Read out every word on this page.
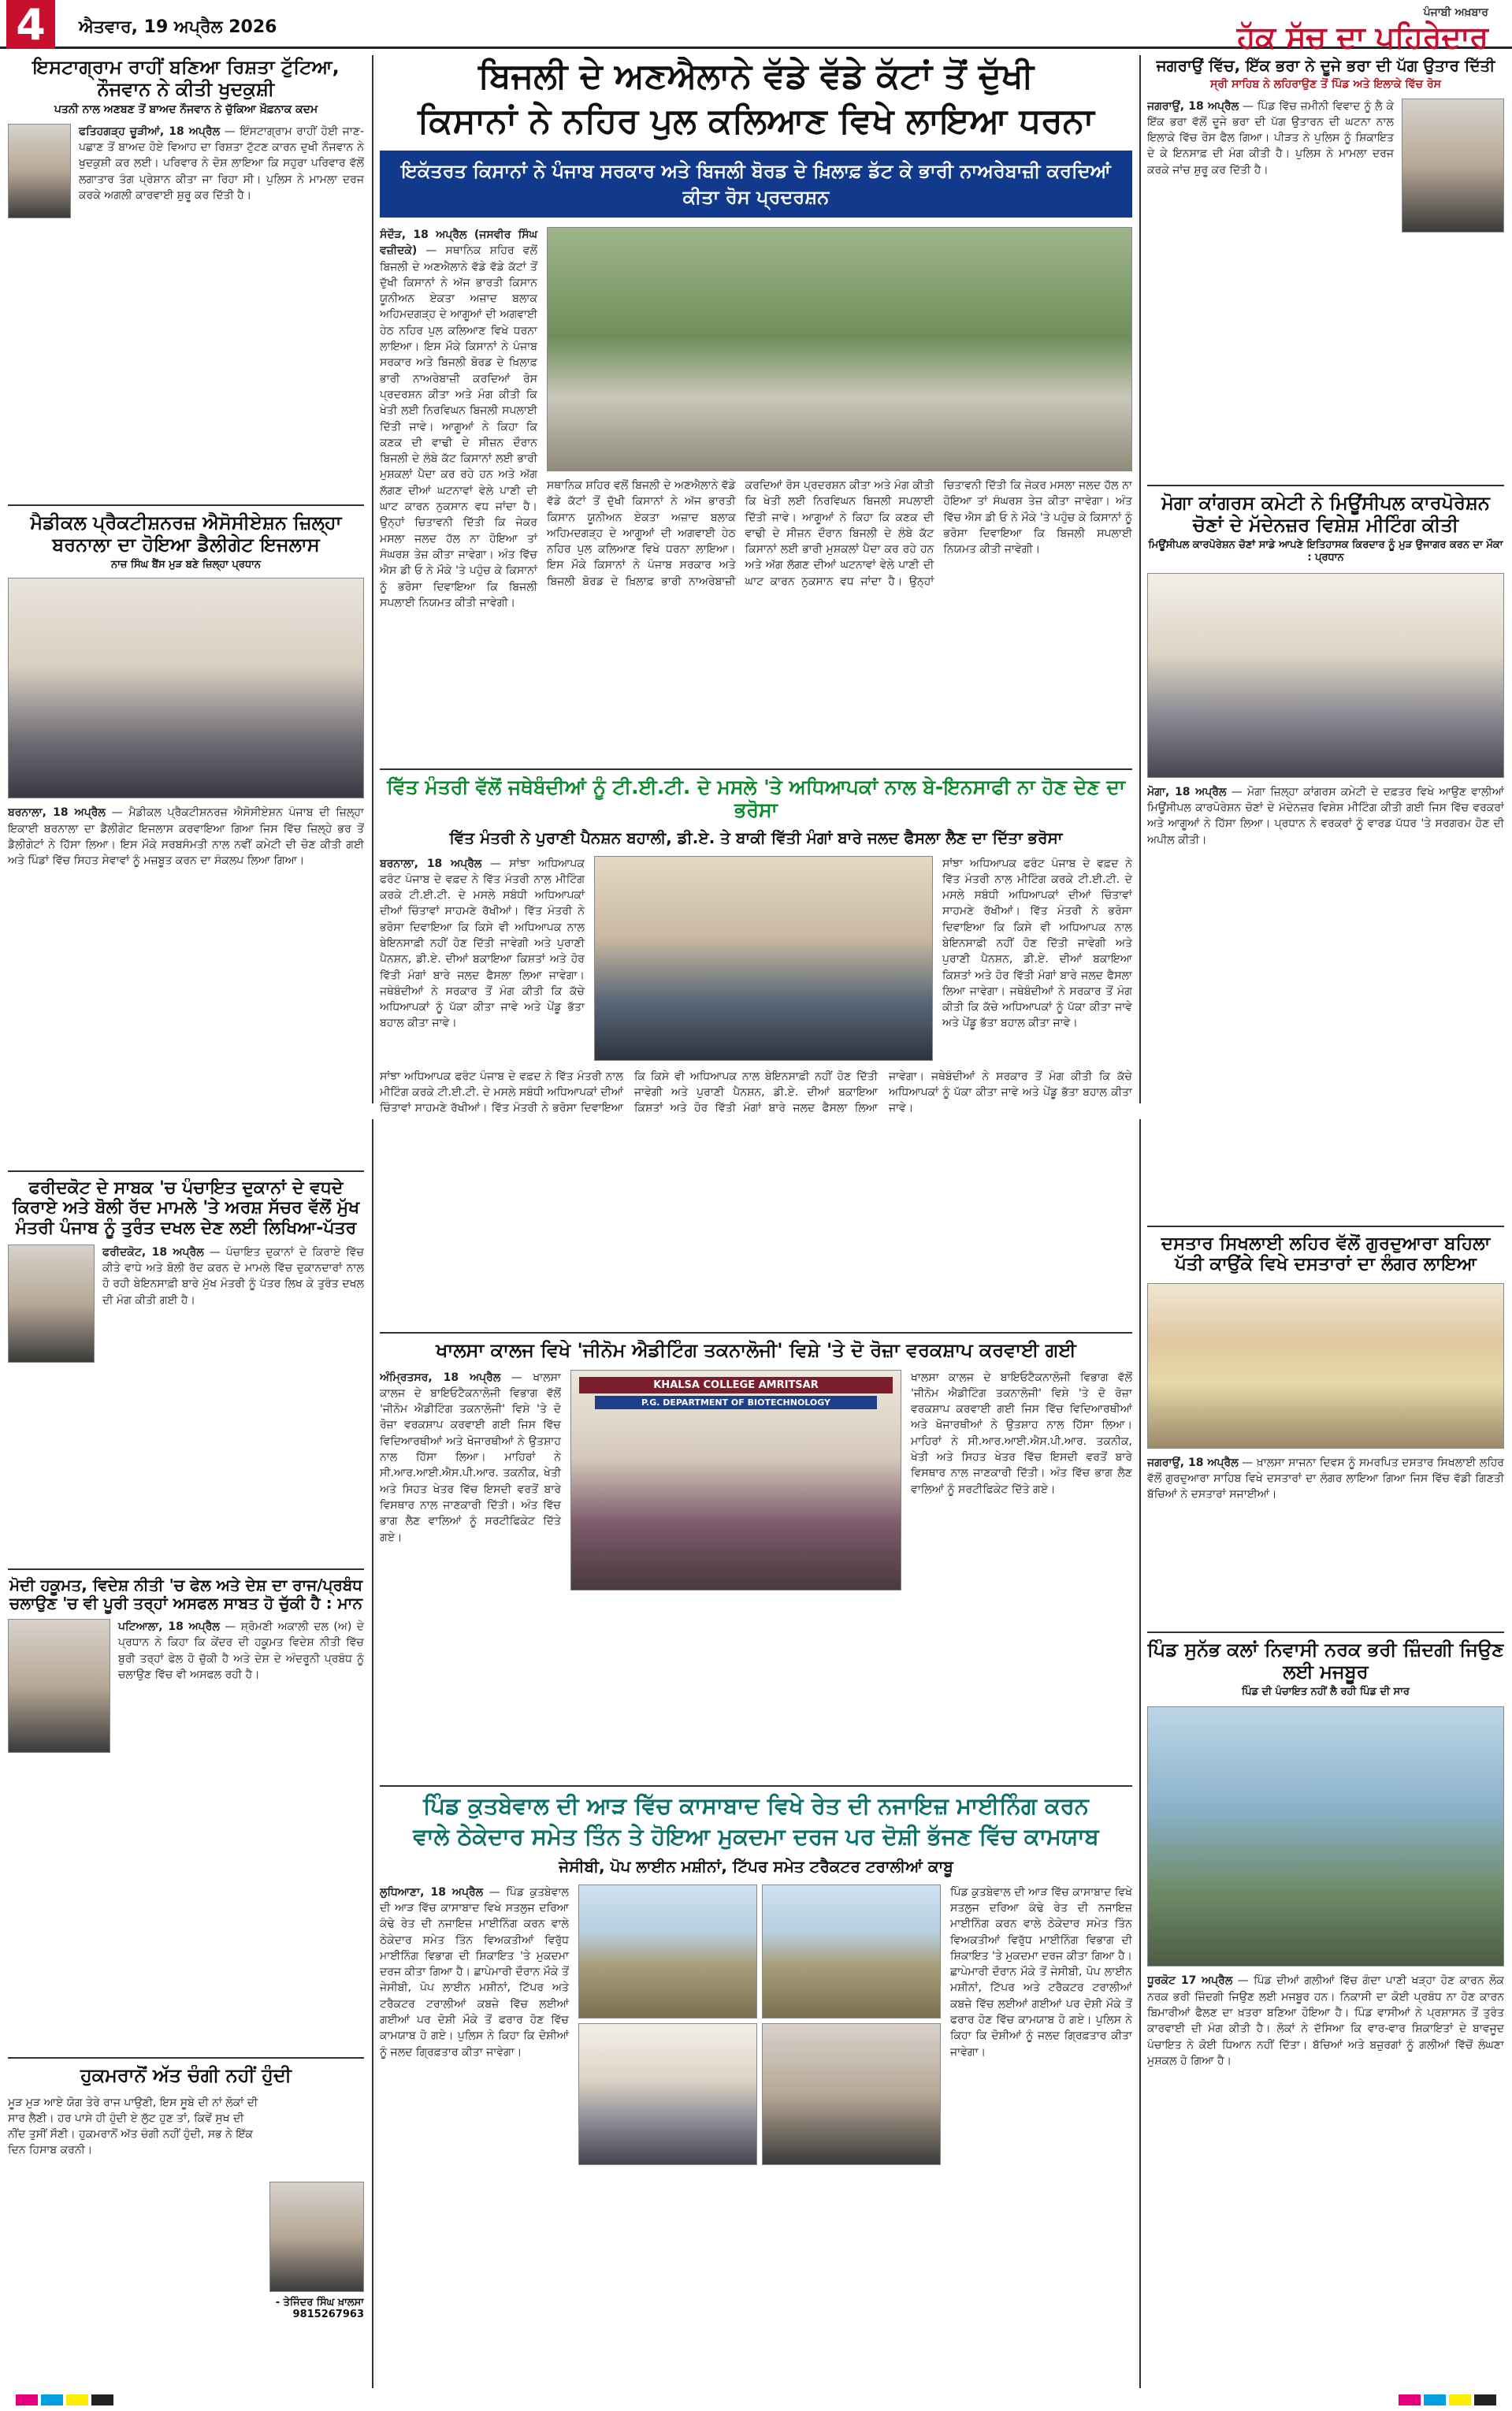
4	ਐਤਵਾਰ, 19 ਅਪ੍ਰੈਲ 2026
ਪੰਜਾਬੀ ਅਖ਼ਬਾਰ
ਹੱਕ ਸੱਚ ਦਾ ਪਹਿਰੇਦਾਰ
ਇਸਟਾਗ੍ਰਾਮ ਰਾਹੀਂ ਬਣਿਆ ਰਿਸ਼ਤਾ ਟੁੱਟਿਆ, ਨੌਜਵਾਨ ਨੇ ਕੀਤੀ ਖੁਦਕੁਸ਼ੀ
ਪਤਨੀ ਨਾਲ ਅਣਬਣ ਤੋਂ ਬਾਅਦ ਨੌਜਵਾਨ ਨੇ ਚੁੱਕਿਆ ਖ਼ੌਫ਼ਨਾਕ ਕਦਮ
ਫਤਿਹਗੜ੍ਹ ਚੂੜੀਆਂ, 18 ਅਪ੍ਰੈਲ — ਇੰਸਟਾਗ੍ਰਾਮ ਰਾਹੀਂ ਹੋਈ ਜਾਣ-ਪਛਾਣ ਤੋਂ ਬਾਅਦ ਹੋਏ ਵਿਆਹ ਦਾ ਰਿਸ਼ਤਾ ਟੁੱਟਣ ਕਾਰਨ ਦੁਖੀ ਨੌਜਵਾਨ ਨੇ ਖੁਦਕੁਸ਼ੀ ਕਰ ਲਈ। ਪਰਿਵਾਰ ਨੇ ਦੋਸ਼ ਲਾਇਆ ਕਿ ਸਹੁਰਾ ਪਰਿਵਾਰ ਵੱਲੋਂ ਲਗਾਤਾਰ ਤੰਗ ਪ੍ਰੇਸ਼ਾਨ ਕੀਤਾ ਜਾ ਰਿਹਾ ਸੀ। ਪੁਲਿਸ ਨੇ ਮਾਮਲਾ ਦਰਜ ਕਰਕੇ ਅਗਲੀ ਕਾਰਵਾਈ ਸ਼ੁਰੂ ਕਰ ਦਿੱਤੀ ਹੈ।
ਮੈਡੀਕਲ ਪ੍ਰੈਕਟੀਸ਼ਨਰਜ਼ ਐਸੋਸੀਏਸ਼ਨ ਜ਼ਿਲ੍ਹਾ ਬਰਨਾਲਾ ਦਾ ਹੋਇਆ ਡੈਲੀਗੇਟ ਇਜਲਾਸ
ਨਾਜ਼ ਸਿੰਘ ਬੈਂਸ ਮੁੜ ਬਣੇ ਜ਼ਿਲ੍ਹਾ ਪ੍ਰਧਾਨ
ਬਰਨਾਲਾ, 18 ਅਪ੍ਰੈਲ — ਮੈਡੀਕਲ ਪ੍ਰੈਕਟੀਸ਼ਨਰਜ਼ ਐਸੋਸੀਏਸ਼ਨ ਪੰਜਾਬ ਦੀ ਜ਼ਿਲ੍ਹਾ ਇਕਾਈ ਬਰਨਾਲਾ ਦਾ ਡੈਲੀਗੇਟ ਇਜਲਾਸ ਕਰਵਾਇਆ ਗਿਆ ਜਿਸ ਵਿੱਚ ਜ਼ਿਲ੍ਹੇ ਭਰ ਤੋਂ ਡੈਲੀਗੇਟਾਂ ਨੇ ਹਿੱਸਾ ਲਿਆ। ਇਸ ਮੌਕੇ ਸਰਬਸੰਮਤੀ ਨਾਲ ਨਵੀਂ ਕਮੇਟੀ ਦੀ ਚੋਣ ਕੀਤੀ ਗਈ ਅਤੇ ਪਿੰਡਾਂ ਵਿੱਚ ਸਿਹਤ ਸੇਵਾਵਾਂ ਨੂੰ ਮਜ਼ਬੂਤ ਕਰਨ ਦਾ ਸੰਕਲਪ ਲਿਆ ਗਿਆ।
ਫਰੀਦਕੋਟ ਦੇ ਸਾਬਕ 'ਚ ਪੰਚਾਇਤ ਦੁਕਾਨਾਂ ਦੇ ਵਧਦੇ ਕਿਰਾਏ ਅਤੇ ਬੋਲੀ ਰੱਦ ਮਾਮਲੇ 'ਤੇ ਅਰਸ਼ ਸੱਚਰ ਵੱਲੋਂ ਮੁੱਖ ਮੰਤਰੀ ਪੰਜਾਬ ਨੂੰ ਤੁਰੰਤ ਦਖਲ ਦੇਣ ਲਈ ਲਿਖਿਆ-ਪੱਤਰ
ਫਰੀਦਕੋਟ, 18 ਅਪ੍ਰੈਲ — ਪੰਚਾਇਤ ਦੁਕਾਨਾਂ ਦੇ ਕਿਰਾਏ ਵਿੱਚ ਕੀਤੇ ਵਾਧੇ ਅਤੇ ਬੋਲੀ ਰੱਦ ਕਰਨ ਦੇ ਮਾਮਲੇ ਵਿੱਚ ਦੁਕਾਨਦਾਰਾਂ ਨਾਲ ਹੋ ਰਹੀ ਬੇਇਨਸਾਫ਼ੀ ਬਾਰੇ ਮੁੱਖ ਮੰਤਰੀ ਨੂੰ ਪੱਤਰ ਲਿਖ ਕੇ ਤੁਰੰਤ ਦਖਲ ਦੀ ਮੰਗ ਕੀਤੀ ਗਈ ਹੈ।
ਮੋਦੀ ਹਕੂਮਤ, ਵਿਦੇਸ਼ ਨੀਤੀ 'ਚ ਫੇਲ ਅਤੇ ਦੇਸ਼ ਦਾ ਰਾਜ/ਪ੍ਰਬੰਧ ਚਲਾਉਣ 'ਚ ਵੀ ਪੂਰੀ ਤਰ੍ਹਾਂ ਅਸਫਲ ਸਾਬਤ ਹੋ ਚੁੱਕੀ ਹੈ : ਮਾਨ
ਪਟਿਆਲਾ, 18 ਅਪ੍ਰੈਲ — ਸ਼੍ਰੋਮਣੀ ਅਕਾਲੀ ਦਲ (ਅ) ਦੇ ਪ੍ਰਧਾਨ ਨੇ ਕਿਹਾ ਕਿ ਕੇਂਦਰ ਦੀ ਹਕੂਮਤ ਵਿਦੇਸ਼ ਨੀਤੀ ਵਿੱਚ ਬੁਰੀ ਤਰ੍ਹਾਂ ਫੇਲ ਹੋ ਚੁੱਕੀ ਹੈ ਅਤੇ ਦੇਸ਼ ਦੇ ਅੰਦਰੂਨੀ ਪ੍ਰਬੰਧ ਨੂੰ ਚਲਾਉਣ ਵਿੱਚ ਵੀ ਅਸਫਲ ਰਹੀ ਹੈ।
ਹੁਕਮਰਾਨੋਂ ਅੱਤ ਚੰਗੀ ਨਹੀਂ ਹੁੰਦੀ
ਮੂੜ ਮੁੜ ਆਏ ਯੋਗ ਤੇਰੇ ਰਾਜ ਪਾਉਣੀ, ਇਸ ਸੂਬੇ ਦੀ ਨਾਂ ਲੋਕਾਂ ਦੀ ਸਾਰ ਲੈਣੀ। ਹਰ ਪਾਸੇ ਹੀ ਹੁੰਦੀ ਏ ਲੁੱਟ ਹੁਣ ਤਾਂ, ਕਿਵੇਂ ਸੁਖ ਦੀ ਨੀਂਦ ਤੁਸੀਂ ਸੌਣੀ। ਹੁਕਮਰਾਨੋਂ ਅੱਤ ਚੰਗੀ ਨਹੀਂ ਹੁੰਦੀ, ਸਭ ਨੇ ਇੱਕ ਦਿਨ ਹਿਸਾਬ ਕਰਨੀ।
- ਤੇਜਿੰਦਰ ਸਿੰਘ ਖ਼ਾਲਸਾ
9815267963
ਬਿਜਲੀ ਦੇ ਅਣਐਲਾਨੇ ਵੱਡੇ ਵੱਡੇ ਕੱਟਾਂ ਤੋਂ ਦੁੱਖੀ
ਕਿਸਾਨਾਂ ਨੇ ਨਹਿਰ ਪੁਲ ਕਲਿਆਣ ਵਿਖੇ ਲਾਇਆ ਧਰਨਾ
ਇਕੱਤਰਤ ਕਿਸਾਨਾਂ ਨੇ ਪੰਜਾਬ ਸਰਕਾਰ ਅਤੇ ਬਿਜਲੀ ਬੋਰਡ ਦੇ ਖ਼ਿਲਾਫ਼ ਡੱਟ ਕੇ ਭਾਰੀ ਨਾਅਰੇਬਾਜ਼ੀ ਕਰਦਿਆਂ ਕੀਤਾ ਰੋਸ ਪ੍ਰਦਰਸ਼ਨ
ਸੰਦੌੜ, 18 ਅਪ੍ਰੈਲ (ਜਸਵੀਰ ਸਿੰਘ ਵਜ਼ੀਦਕੇ) — ਸਥਾਨਿਕ ਸ਼ਹਿਰ ਵਲੋਂ ਬਿਜਲੀ ਦੇ ਅਣਐਲਾਨੇ ਵੱਡੇ ਵੱਡੇ ਕੱਟਾਂ ਤੋਂ ਦੁੱਖੀ ਕਿਸਾਨਾਂ ਨੇ ਅੱਜ ਭਾਰਤੀ ਕਿਸਾਨ ਯੂਨੀਅਨ ਏਕਤਾ ਅਜ਼ਾਦ ਬਲਾਕ ਅਹਿਮਦਗੜ੍ਹ ਦੇ ਆਗੂਆਂ ਦੀ ਅਗਵਾਈ ਹੇਠ ਨਹਿਰ ਪੁਲ ਕਲਿਆਣ ਵਿਖੇ ਧਰਨਾ ਲਾਇਆ। ਇਸ ਮੌਕੇ ਕਿਸਾਨਾਂ ਨੇ ਪੰਜਾਬ ਸਰਕਾਰ ਅਤੇ ਬਿਜਲੀ ਬੋਰਡ ਦੇ ਖ਼ਿਲਾਫ਼ ਭਾਰੀ ਨਾਅਰੇਬਾਜ਼ੀ ਕਰਦਿਆਂ ਰੋਸ ਪ੍ਰਦਰਸ਼ਨ ਕੀਤਾ ਅਤੇ ਮੰਗ ਕੀਤੀ ਕਿ ਖੇਤੀ ਲਈ ਨਿਰਵਿਘਨ ਬਿਜਲੀ ਸਪਲਾਈ ਦਿੱਤੀ ਜਾਵੇ। ਆਗੂਆਂ ਨੇ ਕਿਹਾ ਕਿ ਕਣਕ ਦੀ ਵਾਢੀ ਦੇ ਸੀਜ਼ਨ ਦੌਰਾਨ ਬਿਜਲੀ ਦੇ ਲੰਬੇ ਕੱਟ ਕਿਸਾਨਾਂ ਲਈ ਭਾਰੀ ਮੁਸ਼ਕਲਾਂ ਪੈਦਾ ਕਰ ਰਹੇ ਹਨ ਅਤੇ ਅੱਗ ਲੱਗਣ ਦੀਆਂ ਘਟਨਾਵਾਂ ਵੇਲੇ ਪਾਣੀ ਦੀ ਘਾਟ ਕਾਰਨ ਨੁਕਸਾਨ ਵਧ ਜਾਂਦਾ ਹੈ। ਉਨ੍ਹਾਂ ਚਿਤਾਵਨੀ ਦਿੱਤੀ ਕਿ ਜੇਕਰ ਮਸਲਾ ਜਲਦ ਹੱਲ ਨਾ ਹੋਇਆ ਤਾਂ ਸੰਘਰਸ਼ ਤੇਜ਼ ਕੀਤਾ ਜਾਵੇਗਾ। ਅੰਤ ਵਿੱਚ ਐਸ ਡੀ ਓ ਨੇ ਮੌਕੇ 'ਤੇ ਪਹੁੰਚ ਕੇ ਕਿਸਾਨਾਂ ਨੂੰ ਭਰੋਸਾ ਦਿਵਾਇਆ ਕਿ ਬਿਜਲੀ ਸਪਲਾਈ ਨਿਯਮਤ ਕੀਤੀ ਜਾਵੇਗੀ।
ਸਥਾਨਿਕ ਸ਼ਹਿਰ ਵਲੋਂ ਬਿਜਲੀ ਦੇ ਅਣਐਲਾਨੇ ਵੱਡੇ ਵੱਡੇ ਕੱਟਾਂ ਤੋਂ ਦੁੱਖੀ ਕਿਸਾਨਾਂ ਨੇ ਅੱਜ ਭਾਰਤੀ ਕਿਸਾਨ ਯੂਨੀਅਨ ਏਕਤਾ ਅਜ਼ਾਦ ਬਲਾਕ ਅਹਿਮਦਗੜ੍ਹ ਦੇ ਆਗੂਆਂ ਦੀ ਅਗਵਾਈ ਹੇਠ ਨਹਿਰ ਪੁਲ ਕਲਿਆਣ ਵਿਖੇ ਧਰਨਾ ਲਾਇਆ। ਇਸ ਮੌਕੇ ਕਿਸਾਨਾਂ ਨੇ ਪੰਜਾਬ ਸਰਕਾਰ ਅਤੇ ਬਿਜਲੀ ਬੋਰਡ ਦੇ ਖ਼ਿਲਾਫ਼ ਭਾਰੀ ਨਾਅਰੇਬਾਜ਼ੀ ਕਰਦਿਆਂ ਰੋਸ ਪ੍ਰਦਰਸ਼ਨ ਕੀਤਾ ਅਤੇ ਮੰਗ ਕੀਤੀ ਕਿ ਖੇਤੀ ਲਈ ਨਿਰਵਿਘਨ ਬਿਜਲੀ ਸਪਲਾਈ ਦਿੱਤੀ ਜਾਵੇ। ਆਗੂਆਂ ਨੇ ਕਿਹਾ ਕਿ ਕਣਕ ਦੀ ਵਾਢੀ ਦੇ ਸੀਜ਼ਨ ਦੌਰਾਨ ਬਿਜਲੀ ਦੇ ਲੰਬੇ ਕੱਟ ਕਿਸਾਨਾਂ ਲਈ ਭਾਰੀ ਮੁਸ਼ਕਲਾਂ ਪੈਦਾ ਕਰ ਰਹੇ ਹਨ ਅਤੇ ਅੱਗ ਲੱਗਣ ਦੀਆਂ ਘਟਨਾਵਾਂ ਵੇਲੇ ਪਾਣੀ ਦੀ ਘਾਟ ਕਾਰਨ ਨੁਕਸਾਨ ਵਧ ਜਾਂਦਾ ਹੈ। ਉਨ੍ਹਾਂ ਚਿਤਾਵਨੀ ਦਿੱਤੀ ਕਿ ਜੇਕਰ ਮਸਲਾ ਜਲਦ ਹੱਲ ਨਾ ਹੋਇਆ ਤਾਂ ਸੰਘਰਸ਼ ਤੇਜ਼ ਕੀਤਾ ਜਾਵੇਗਾ। ਅੰਤ ਵਿੱਚ ਐਸ ਡੀ ਓ ਨੇ ਮੌਕੇ 'ਤੇ ਪਹੁੰਚ ਕੇ ਕਿਸਾਨਾਂ ਨੂੰ ਭਰੋਸਾ ਦਿਵਾਇਆ ਕਿ ਬਿਜਲੀ ਸਪਲਾਈ ਨਿਯਮਤ ਕੀਤੀ ਜਾਵੇਗੀ।
ਵਿੱਤ ਮੰਤਰੀ ਵੱਲੋਂ ਜਥੇਬੰਦੀਆਂ ਨੂੰ ਟੀ.ਈ.ਟੀ. ਦੇ ਮਸਲੇ 'ਤੇ ਅਧਿਆਪਕਾਂ ਨਾਲ ਬੇ-ਇਨਸਾਫੀ ਨਾ ਹੋਣ ਦੇਣ ਦਾ ਭਰੋਸਾ
ਵਿੱਤ ਮੰਤਰੀ ਨੇ ਪੁਰਾਣੀ ਪੈਨਸ਼ਨ ਬਹਾਲੀ, ਡੀ.ਏ. ਤੇ ਬਾਕੀ ਵਿੱਤੀ ਮੰਗਾਂ ਬਾਰੇ ਜਲਦ ਫੈਸਲਾ ਲੈਣ ਦਾ ਦਿੱਤਾ ਭਰੋਸਾ
ਬਰਨਾਲਾ, 18 ਅਪ੍ਰੈਲ — ਸਾਂਝਾ ਅਧਿਆਪਕ ਫਰੰਟ ਪੰਜਾਬ ਦੇ ਵਫ਼ਦ ਨੇ ਵਿੱਤ ਮੰਤਰੀ ਨਾਲ ਮੀਟਿੰਗ ਕਰਕੇ ਟੀ.ਈ.ਟੀ. ਦੇ ਮਸਲੇ ਸਬੰਧੀ ਅਧਿਆਪਕਾਂ ਦੀਆਂ ਚਿੰਤਾਵਾਂ ਸਾਹਮਣੇ ਰੱਖੀਆਂ। ਵਿੱਤ ਮੰਤਰੀ ਨੇ ਭਰੋਸਾ ਦਿਵਾਇਆ ਕਿ ਕਿਸੇ ਵੀ ਅਧਿਆਪਕ ਨਾਲ ਬੇਇਨਸਾਫ਼ੀ ਨਹੀਂ ਹੋਣ ਦਿੱਤੀ ਜਾਵੇਗੀ ਅਤੇ ਪੁਰਾਣੀ ਪੈਨਸ਼ਨ, ਡੀ.ਏ. ਦੀਆਂ ਬਕਾਇਆ ਕਿਸ਼ਤਾਂ ਅਤੇ ਹੋਰ ਵਿੱਤੀ ਮੰਗਾਂ ਬਾਰੇ ਜਲਦ ਫੈਸਲਾ ਲਿਆ ਜਾਵੇਗਾ। ਜਥੇਬੰਦੀਆਂ ਨੇ ਸਰਕਾਰ ਤੋਂ ਮੰਗ ਕੀਤੀ ਕਿ ਕੱਚੇ ਅਧਿਆਪਕਾਂ ਨੂੰ ਪੱਕਾ ਕੀਤਾ ਜਾਵੇ ਅਤੇ ਪੇਂਡੂ ਭੱਤਾ ਬਹਾਲ ਕੀਤਾ ਜਾਵੇ।
ਸਾਂਝਾ ਅਧਿਆਪਕ ਫਰੰਟ ਪੰਜਾਬ ਦੇ ਵਫ਼ਦ ਨੇ ਵਿੱਤ ਮੰਤਰੀ ਨਾਲ ਮੀਟਿੰਗ ਕਰਕੇ ਟੀ.ਈ.ਟੀ. ਦੇ ਮਸਲੇ ਸਬੰਧੀ ਅਧਿਆਪਕਾਂ ਦੀਆਂ ਚਿੰਤਾਵਾਂ ਸਾਹਮਣੇ ਰੱਖੀਆਂ। ਵਿੱਤ ਮੰਤਰੀ ਨੇ ਭਰੋਸਾ ਦਿਵਾਇਆ ਕਿ ਕਿਸੇ ਵੀ ਅਧਿਆਪਕ ਨਾਲ ਬੇਇਨਸਾਫ਼ੀ ਨਹੀਂ ਹੋਣ ਦਿੱਤੀ ਜਾਵੇਗੀ ਅਤੇ ਪੁਰਾਣੀ ਪੈਨਸ਼ਨ, ਡੀ.ਏ. ਦੀਆਂ ਬਕਾਇਆ ਕਿਸ਼ਤਾਂ ਅਤੇ ਹੋਰ ਵਿੱਤੀ ਮੰਗਾਂ ਬਾਰੇ ਜਲਦ ਫੈਸਲਾ ਲਿਆ ਜਾਵੇਗਾ। ਜਥੇਬੰਦੀਆਂ ਨੇ ਸਰਕਾਰ ਤੋਂ ਮੰਗ ਕੀਤੀ ਕਿ ਕੱਚੇ ਅਧਿਆਪਕਾਂ ਨੂੰ ਪੱਕਾ ਕੀਤਾ ਜਾਵੇ ਅਤੇ ਪੇਂਡੂ ਭੱਤਾ ਬਹਾਲ ਕੀਤਾ ਜਾਵੇ।
ਸਾਂਝਾ ਅਧਿਆਪਕ ਫਰੰਟ ਪੰਜਾਬ ਦੇ ਵਫ਼ਦ ਨੇ ਵਿੱਤ ਮੰਤਰੀ ਨਾਲ ਮੀਟਿੰਗ ਕਰਕੇ ਟੀ.ਈ.ਟੀ. ਦੇ ਮਸਲੇ ਸਬੰਧੀ ਅਧਿਆਪਕਾਂ ਦੀਆਂ ਚਿੰਤਾਵਾਂ ਸਾਹਮਣੇ ਰੱਖੀਆਂ। ਵਿੱਤ ਮੰਤਰੀ ਨੇ ਭਰੋਸਾ ਦਿਵਾਇਆ ਕਿ ਕਿਸੇ ਵੀ ਅਧਿਆਪਕ ਨਾਲ ਬੇਇਨਸਾਫ਼ੀ ਨਹੀਂ ਹੋਣ ਦਿੱਤੀ ਜਾਵੇਗੀ ਅਤੇ ਪੁਰਾਣੀ ਪੈਨਸ਼ਨ, ਡੀ.ਏ. ਦੀਆਂ ਬਕਾਇਆ ਕਿਸ਼ਤਾਂ ਅਤੇ ਹੋਰ ਵਿੱਤੀ ਮੰਗਾਂ ਬਾਰੇ ਜਲਦ ਫੈਸਲਾ ਲਿਆ ਜਾਵੇਗਾ। ਜਥੇਬੰਦੀਆਂ ਨੇ ਸਰਕਾਰ ਤੋਂ ਮੰਗ ਕੀਤੀ ਕਿ ਕੱਚੇ ਅਧਿਆਪਕਾਂ ਨੂੰ ਪੱਕਾ ਕੀਤਾ ਜਾਵੇ ਅਤੇ ਪੇਂਡੂ ਭੱਤਾ ਬਹਾਲ ਕੀਤਾ ਜਾਵੇ।
ਖਾਲਸਾ ਕਾਲਜ ਵਿਖੇ 'ਜੀਨੋਮ ਐਡੀਟਿੰਗ ਤਕਨਾਲੋਜੀ' ਵਿਸ਼ੇ 'ਤੇ ਦੋ ਰੋਜ਼ਾ ਵਰਕਸ਼ਾਪ ਕਰਵਾਈ ਗਈ
ਅੰਮ੍ਰਿਤਸਰ, 18 ਅਪ੍ਰੈਲ — ਖਾਲਸਾ ਕਾਲਜ ਦੇ ਬਾਇਓਟੈਕਨਾਲੋਜੀ ਵਿਭਾਗ ਵੱਲੋਂ 'ਜੀਨੋਮ ਐਡੀਟਿੰਗ ਤਕਨਾਲੋਜੀ' ਵਿਸ਼ੇ 'ਤੇ ਦੋ ਰੋਜ਼ਾ ਵਰਕਸ਼ਾਪ ਕਰਵਾਈ ਗਈ ਜਿਸ ਵਿੱਚ ਵਿਦਿਆਰਥੀਆਂ ਅਤੇ ਖੋਜਾਰਥੀਆਂ ਨੇ ਉਤਸ਼ਾਹ ਨਾਲ ਹਿੱਸਾ ਲਿਆ। ਮਾਹਿਰਾਂ ਨੇ ਸੀ.ਆਰ.ਆਈ.ਐਸ.ਪੀ.ਆਰ. ਤਕਨੀਕ, ਖੇਤੀ ਅਤੇ ਸਿਹਤ ਖੇਤਰ ਵਿੱਚ ਇਸਦੀ ਵਰਤੋਂ ਬਾਰੇ ਵਿਸਥਾਰ ਨਾਲ ਜਾਣਕਾਰੀ ਦਿੱਤੀ। ਅੰਤ ਵਿੱਚ ਭਾਗ ਲੈਣ ਵਾਲਿਆਂ ਨੂੰ ਸਰਟੀਫਿਕੇਟ ਦਿੱਤੇ ਗਏ।
KHALSA COLLEGE AMRITSAR
P.G. DEPARTMENT OF BIOTECHNOLOGY
ਖਾਲਸਾ ਕਾਲਜ ਦੇ ਬਾਇਓਟੈਕਨਾਲੋਜੀ ਵਿਭਾਗ ਵੱਲੋਂ 'ਜੀਨੋਮ ਐਡੀਟਿੰਗ ਤਕਨਾਲੋਜੀ' ਵਿਸ਼ੇ 'ਤੇ ਦੋ ਰੋਜ਼ਾ ਵਰਕਸ਼ਾਪ ਕਰਵਾਈ ਗਈ ਜਿਸ ਵਿੱਚ ਵਿਦਿਆਰਥੀਆਂ ਅਤੇ ਖੋਜਾਰਥੀਆਂ ਨੇ ਉਤਸ਼ਾਹ ਨਾਲ ਹਿੱਸਾ ਲਿਆ। ਮਾਹਿਰਾਂ ਨੇ ਸੀ.ਆਰ.ਆਈ.ਐਸ.ਪੀ.ਆਰ. ਤਕਨੀਕ, ਖੇਤੀ ਅਤੇ ਸਿਹਤ ਖੇਤਰ ਵਿੱਚ ਇਸਦੀ ਵਰਤੋਂ ਬਾਰੇ ਵਿਸਥਾਰ ਨਾਲ ਜਾਣਕਾਰੀ ਦਿੱਤੀ। ਅੰਤ ਵਿੱਚ ਭਾਗ ਲੈਣ ਵਾਲਿਆਂ ਨੂੰ ਸਰਟੀਫਿਕੇਟ ਦਿੱਤੇ ਗਏ।
ਪਿੰਡ ਕੁਤਬੇਵਾਲ ਦੀ ਆੜ ਵਿੱਚ ਕਾਸਾਬਾਦ ਵਿਖੇ ਰੇਤ ਦੀ ਨਜਾਇਜ਼ ਮਾਈਨਿੰਗ ਕਰਨ
ਵਾਲੇ ਠੇਕੇਦਾਰ ਸਮੇਤ ਤਿੰਨ ਤੇ ਹੋਇਆ ਮੁਕਦਮਾ ਦਰਜ ਪਰ ਦੋਸ਼ੀ ਭੱਜਣ ਵਿੱਚ ਕਾਮਯਾਬ
ਜੇਸੀਬੀ, ਪੋਪ ਲਾਈਨ ਮਸ਼ੀਨਾਂ, ਟਿੱਪਰ ਸਮੇਤ ਟਰੈਕਟਰ ਟਰਾਲੀਆਂ ਕਾਬੂ
ਲੁਧਿਆਣਾ, 18 ਅਪ੍ਰੈਲ — ਪਿੰਡ ਕੁਤਬੇਵਾਲ ਦੀ ਆੜ ਵਿੱਚ ਕਾਸਾਬਾਦ ਵਿਖੇ ਸਤਲੁਜ ਦਰਿਆ ਕੰਢੇ ਰੇਤ ਦੀ ਨਜਾਇਜ਼ ਮਾਈਨਿੰਗ ਕਰਨ ਵਾਲੇ ਠੇਕੇਦਾਰ ਸਮੇਤ ਤਿੰਨ ਵਿਅਕਤੀਆਂ ਵਿਰੁੱਧ ਮਾਈਨਿੰਗ ਵਿਭਾਗ ਦੀ ਸ਼ਿਕਾਇਤ 'ਤੇ ਮੁਕਦਮਾ ਦਰਜ ਕੀਤਾ ਗਿਆ ਹੈ। ਛਾਪੇਮਾਰੀ ਦੌਰਾਨ ਮੌਕੇ ਤੋਂ ਜੇਸੀਬੀ, ਪੋਪ ਲਾਈਨ ਮਸ਼ੀਨਾਂ, ਟਿੱਪਰ ਅਤੇ ਟਰੈਕਟਰ ਟਰਾਲੀਆਂ ਕਬਜ਼ੇ ਵਿੱਚ ਲਈਆਂ ਗਈਆਂ ਪਰ ਦੋਸ਼ੀ ਮੌਕੇ ਤੋਂ ਫਰਾਰ ਹੋਣ ਵਿੱਚ ਕਾਮਯਾਬ ਹੋ ਗਏ। ਪੁਲਿਸ ਨੇ ਕਿਹਾ ਕਿ ਦੋਸ਼ੀਆਂ ਨੂੰ ਜਲਦ ਗ੍ਰਿਫ਼ਤਾਰ ਕੀਤਾ ਜਾਵੇਗਾ।
ਪਿੰਡ ਕੁਤਬੇਵਾਲ ਦੀ ਆੜ ਵਿੱਚ ਕਾਸਾਬਾਦ ਵਿਖੇ ਸਤਲੁਜ ਦਰਿਆ ਕੰਢੇ ਰੇਤ ਦੀ ਨਜਾਇਜ਼ ਮਾਈਨਿੰਗ ਕਰਨ ਵਾਲੇ ਠੇਕੇਦਾਰ ਸਮੇਤ ਤਿੰਨ ਵਿਅਕਤੀਆਂ ਵਿਰੁੱਧ ਮਾਈਨਿੰਗ ਵਿਭਾਗ ਦੀ ਸ਼ਿਕਾਇਤ 'ਤੇ ਮੁਕਦਮਾ ਦਰਜ ਕੀਤਾ ਗਿਆ ਹੈ। ਛਾਪੇਮਾਰੀ ਦੌਰਾਨ ਮੌਕੇ ਤੋਂ ਜੇਸੀਬੀ, ਪੋਪ ਲਾਈਨ ਮਸ਼ੀਨਾਂ, ਟਿੱਪਰ ਅਤੇ ਟਰੈਕਟਰ ਟਰਾਲੀਆਂ ਕਬਜ਼ੇ ਵਿੱਚ ਲਈਆਂ ਗਈਆਂ ਪਰ ਦੋਸ਼ੀ ਮੌਕੇ ਤੋਂ ਫਰਾਰ ਹੋਣ ਵਿੱਚ ਕਾਮਯਾਬ ਹੋ ਗਏ। ਪੁਲਿਸ ਨੇ ਕਿਹਾ ਕਿ ਦੋਸ਼ੀਆਂ ਨੂੰ ਜਲਦ ਗ੍ਰਿਫ਼ਤਾਰ ਕੀਤਾ ਜਾਵੇਗਾ।
ਜਗਰਾਉਂ ਵਿੱਚ, ਇੱਕ ਭਰਾ ਨੇ ਦੂਜੇ ਭਰਾ ਦੀ ਪੱਗ ਉਤਾਰ ਦਿੱਤੀ
ਸ੍ਰੀ ਸਾਹਿਬ ਨੇ ਲਹਿਰਾਉਣ ਤੋਂ ਪਿੰਡ ਅਤੇ ਇਲਾਕੇ ਵਿੱਚ ਰੋਸ
ਜਗਰਾਉਂ, 18 ਅਪ੍ਰੈਲ — ਪਿੰਡ ਵਿੱਚ ਜ਼ਮੀਨੀ ਵਿਵਾਦ ਨੂੰ ਲੈ ਕੇ ਇੱਕ ਭਰਾ ਵੱਲੋਂ ਦੂਜੇ ਭਰਾ ਦੀ ਪੱਗ ਉਤਾਰਨ ਦੀ ਘਟਨਾ ਨਾਲ ਇਲਾਕੇ ਵਿੱਚ ਰੋਸ ਫੈਲ ਗਿਆ। ਪੀੜਤ ਨੇ ਪੁਲਿਸ ਨੂੰ ਸ਼ਿਕਾਇਤ ਦੇ ਕੇ ਇਨਸਾਫ਼ ਦੀ ਮੰਗ ਕੀਤੀ ਹੈ। ਪੁਲਿਸ ਨੇ ਮਾਮਲਾ ਦਰਜ ਕਰਕੇ ਜਾਂਚ ਸ਼ੁਰੂ ਕਰ ਦਿੱਤੀ ਹੈ।
ਮੋਗਾ ਕਾਂਗਰਸ ਕਮੇਟੀ ਨੇ ਮਿਊਂਸੀਪਲ ਕਾਰਪੋਰੇਸ਼ਨ ਚੋਣਾਂ ਦੇ ਮੱਦੇਨਜ਼ਰ ਵਿਸ਼ੇਸ਼ ਮੀਟਿੰਗ ਕੀਤੀ
ਮਿਊਂਸੀਪਲ ਕਾਰਪੋਰੇਸ਼ਨ ਚੋਣਾਂ ਸਾਡੇ ਆਪਣੇ ਇਤਿਹਾਸਕ ਕਿਰਦਾਰ ਨੂੰ ਮੁੜ ਉਜਾਗਰ ਕਰਨ ਦਾ ਮੌਕਾ : ਪ੍ਰਧਾਨ
ਮੋਗਾ, 18 ਅਪ੍ਰੈਲ — ਮੋਗਾ ਜ਼ਿਲ੍ਹਾ ਕਾਂਗਰਸ ਕਮੇਟੀ ਦੇ ਦਫ਼ਤਰ ਵਿਖੇ ਆਉਣ ਵਾਲੀਆਂ ਮਿਊਂਸੀਪਲ ਕਾਰਪੋਰੇਸ਼ਨ ਚੋਣਾਂ ਦੇ ਮੱਦੇਨਜ਼ਰ ਵਿਸ਼ੇਸ਼ ਮੀਟਿੰਗ ਕੀਤੀ ਗਈ ਜਿਸ ਵਿੱਚ ਵਰਕਰਾਂ ਅਤੇ ਆਗੂਆਂ ਨੇ ਹਿੱਸਾ ਲਿਆ। ਪ੍ਰਧਾਨ ਨੇ ਵਰਕਰਾਂ ਨੂੰ ਵਾਰਡ ਪੱਧਰ 'ਤੇ ਸਰਗਰਮ ਹੋਣ ਦੀ ਅਪੀਲ ਕੀਤੀ।
ਦਸਤਾਰ ਸਿਖਲਾਈ ਲਹਿਰ ਵੱਲੋਂ ਗੁਰਦੁਆਰਾ ਬਹਿਲਾ ਪੱਤੀ ਕਾਉਂਕੇ ਵਿਖੇ ਦਸਤਾਰਾਂ ਦਾ ਲੰਗਰ ਲਾਇਆ
ਜਗਰਾਉਂ, 18 ਅਪ੍ਰੈਲ — ਖ਼ਾਲਸਾ ਸਾਜਨਾ ਦਿਵਸ ਨੂੰ ਸਮਰਪਿਤ ਦਸਤਾਰ ਸਿਖਲਾਈ ਲਹਿਰ ਵੱਲੋਂ ਗੁਰਦੁਆਰਾ ਸਾਹਿਬ ਵਿਖੇ ਦਸਤਾਰਾਂ ਦਾ ਲੰਗਰ ਲਾਇਆ ਗਿਆ ਜਿਸ ਵਿੱਚ ਵੱਡੀ ਗਿਣਤੀ ਬੱਚਿਆਂ ਨੇ ਦਸਤਾਰਾਂ ਸਜਾਈਆਂ।
ਪਿੰਡ ਸੁਨੱਭ ਕਲਾਂ ਨਿਵਾਸੀ ਨਰਕ ਭਰੀ ਜ਼ਿੰਦਗੀ ਜਿਉਣ ਲਈ ਮਜਬੂਰ
ਪਿੰਡ ਦੀ ਪੰਚਾਇਤ ਨਹੀਂ ਲੈ ਰਹੀ ਪਿੰਡ ਦੀ ਸਾਰ
ਧੂਰਕੋਟ 17 ਅਪ੍ਰੈਲ — ਪਿੰਡ ਦੀਆਂ ਗਲੀਆਂ ਵਿੱਚ ਗੰਦਾ ਪਾਣੀ ਖੜ੍ਹਾ ਹੋਣ ਕਾਰਨ ਲੋਕ ਨਰਕ ਭਰੀ ਜ਼ਿੰਦਗੀ ਜਿਉਣ ਲਈ ਮਜਬੂਰ ਹਨ। ਨਿਕਾਸੀ ਦਾ ਕੋਈ ਪ੍ਰਬੰਧ ਨਾ ਹੋਣ ਕਾਰਨ ਬਿਮਾਰੀਆਂ ਫੈਲਣ ਦਾ ਖ਼ਤਰਾ ਬਣਿਆ ਹੋਇਆ ਹੈ। ਪਿੰਡ ਵਾਸੀਆਂ ਨੇ ਪ੍ਰਸ਼ਾਸਨ ਤੋਂ ਤੁਰੰਤ ਕਾਰਵਾਈ ਦੀ ਮੰਗ ਕੀਤੀ ਹੈ। ਲੋਕਾਂ ਨੇ ਦੱਸਿਆ ਕਿ ਵਾਰ-ਵਾਰ ਸ਼ਿਕਾਇਤਾਂ ਦੇ ਬਾਵਜੂਦ ਪੰਚਾਇਤ ਨੇ ਕੋਈ ਧਿਆਨ ਨਹੀਂ ਦਿੱਤਾ। ਬੱਚਿਆਂ ਅਤੇ ਬਜ਼ੁਰਗਾਂ ਨੂੰ ਗਲੀਆਂ ਵਿੱਚੋਂ ਲੰਘਣਾ ਮੁਸ਼ਕਲ ਹੋ ਗਿਆ ਹੈ।
